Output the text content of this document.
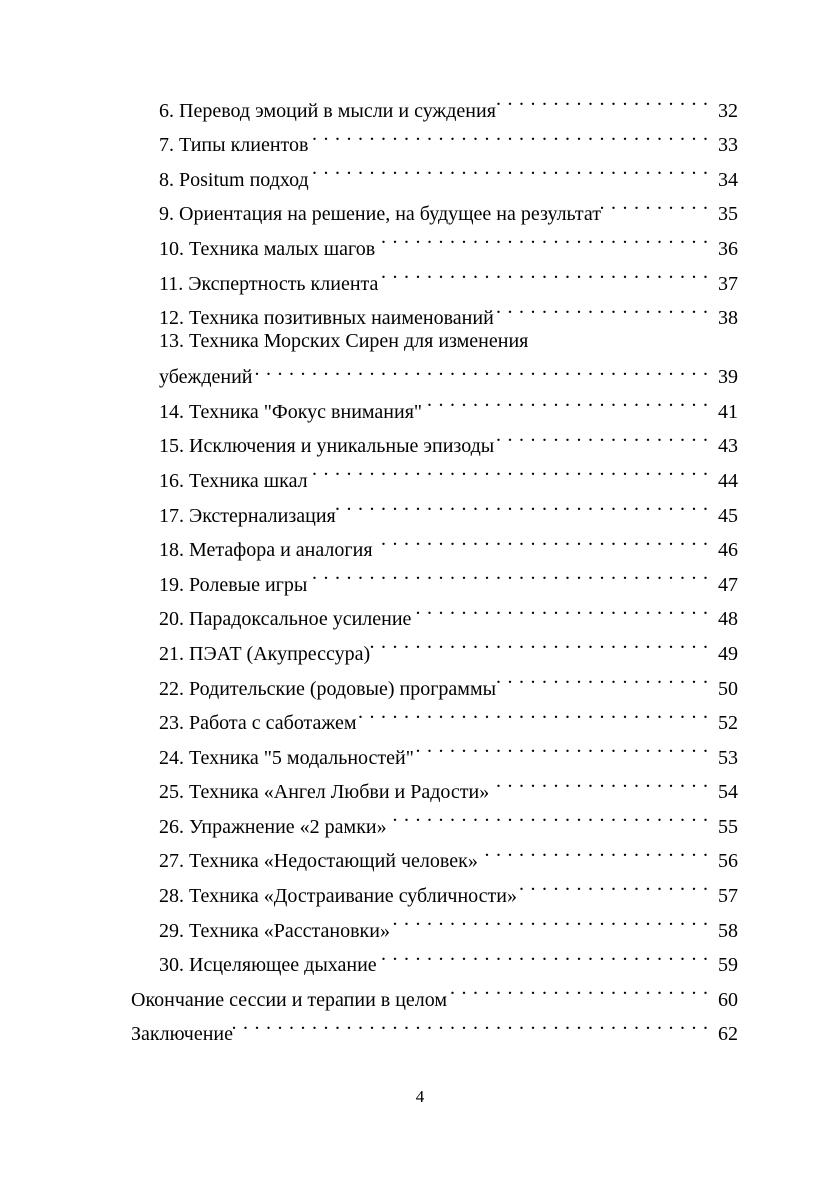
6. Перевод эмоций в мысли и суждения . . .	32
7. Типы клиентов . . .	33
8. Positum подход . . .	34
9. Ориентация на решение, на будущее на результат . . .	35
10. Техника малых шагов . . .	36
11. Экспертность клиента . . .	37
12. Техника позитивных наименований . . .	38
13. Техника Морских Сирен для изменения
убеждений . . .	39
14. Техника "Фокус внимания" . . .	41
15. Исключения и уникальные эпизоды . . .	43
16. Техника шкал . . .	44
17. Экстернализация . . .	45
18. Метафора и аналогия . . .	46
19. Ролевые игры . . .	47
20. Парадоксальное усиление . . .	48
21. ПЭАТ (Акупрессура) . . .	49
22. Родительские (родовые) программы . . .	50
23. Работа с саботажем . . .	52
24. Техника "5 модальностей" . . .	53
25. Техника «Ангел Любви и Радости» . . .	54
26. Упражнение «2 рамки» . . .	55
27. Техника «Недостающий человек» . . .	56
28. Техника «Достраивание субличности» . . .	57
29. Техника «Расстановки» . . .	58
30. Исцеляющее дыхание . . .	59
Окончание сессии и терапии в целом . . .	60
Заключение . . .	62
4
